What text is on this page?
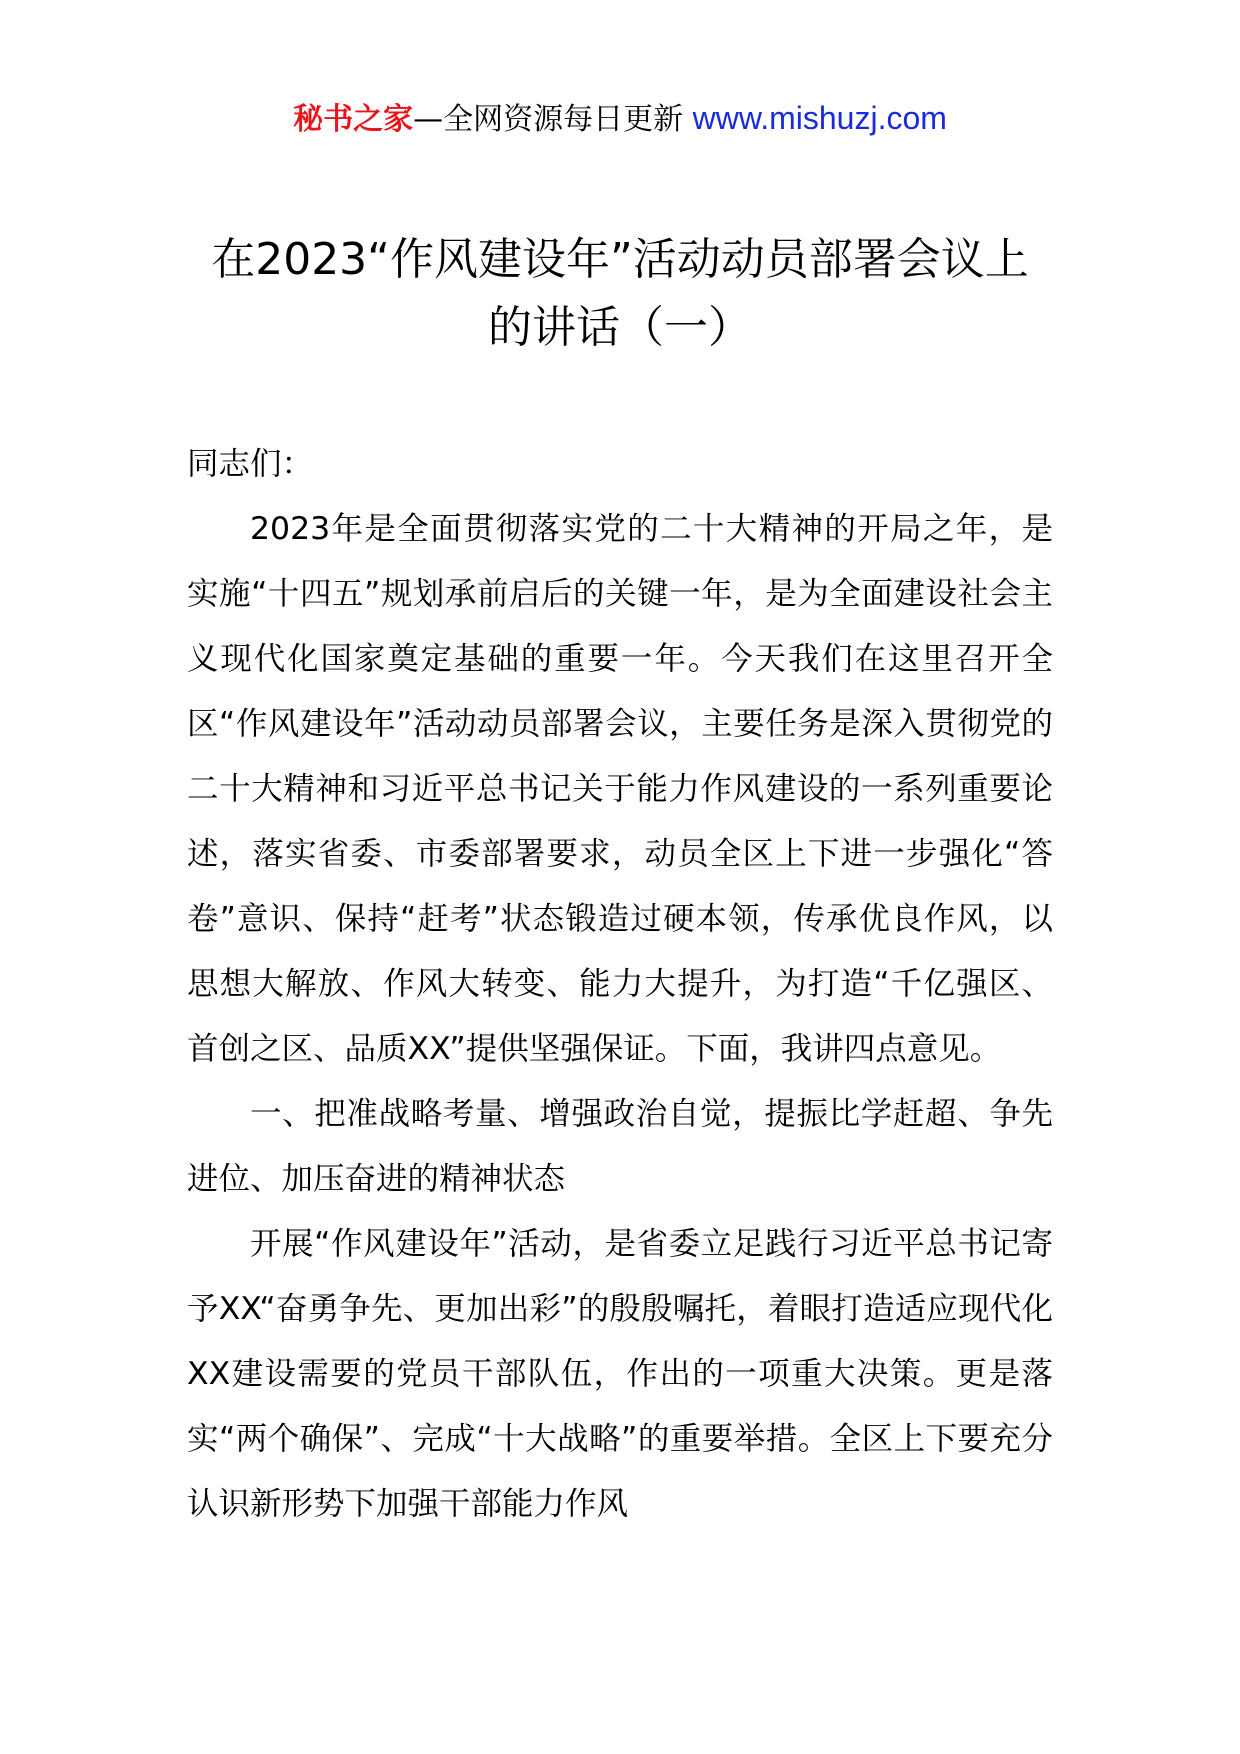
秘书之家—全网资源每日更新 www.mishuzj.com
在2023“作风建设年”活动动员部署会议上
的讲话（一）

同志们：

2023年是全面贯彻落实党的二十大精神的开局之年，是实施“十四五”规划承前启后的关键一年，是为全面建设社会主义现代化国家奠定基础的重要一年。今天我们在这里召开全区“作风建设年”活动动员部署会议，主要任务是深入贯彻党的二十大精神和习近平总书记关于能力作风建设的一系列重要论述，落实省委、市委部署要求，动员全区上下进一步强化“答卷”意识、保持“赶考”状态锻造过硬本领，传承优良作风，以思想大解放、作风大转变、能力大提升，为打造“千亿强区、首创之区、品质XX”提供坚强保证。下面，我讲四点意见。

一、把准战略考量、增强政治自觉，提振比学赶超、争先进位、加压奋进的精神状态

开展“作风建设年”活动，是省委立足践行习近平总书记寄予XX“奋勇争先、更加出彩”的殷殷嘱托，着眼打造适应现代化XX建设需要的党员干部队伍，作出的一项重大决策。更是落实“两个确保”、完成“十大战略”的重要举措。全区上下要充分认识新形势下加强干部能力作风
